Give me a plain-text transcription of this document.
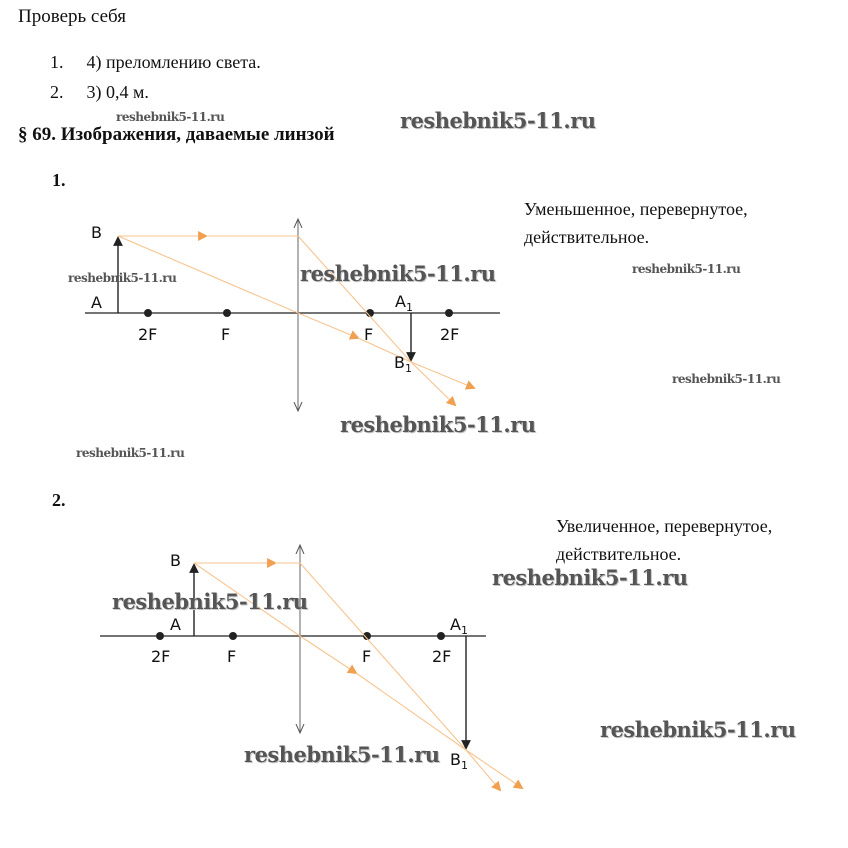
Проверь себя
1. 4) преломлению света.
2. 3) 0,4 м.
§ 69. Изображения, даваемые линзой
1.
Уменьшенное, перевернутое, действительное.
2.
Увеличенное, перевернутое, действительное.
B
A
2F	F	F	2F
$A_1$
$B_1$
B
A
2F	F	F	2F
$A_1$
$B_1$
reshebnik5-11.ru	reshebnik5-11.ru
reshebnik5-11.ru	reshebnik5-11.ru	reshebnik5-11.ru
reshebnik5-11.ru
reshebnik5-11.ru
reshebnik5-11.ru
reshebnik5-11.ru
reshebnik5-11.ru
reshebnik5-11.ru
reshebnik5-11.ru
